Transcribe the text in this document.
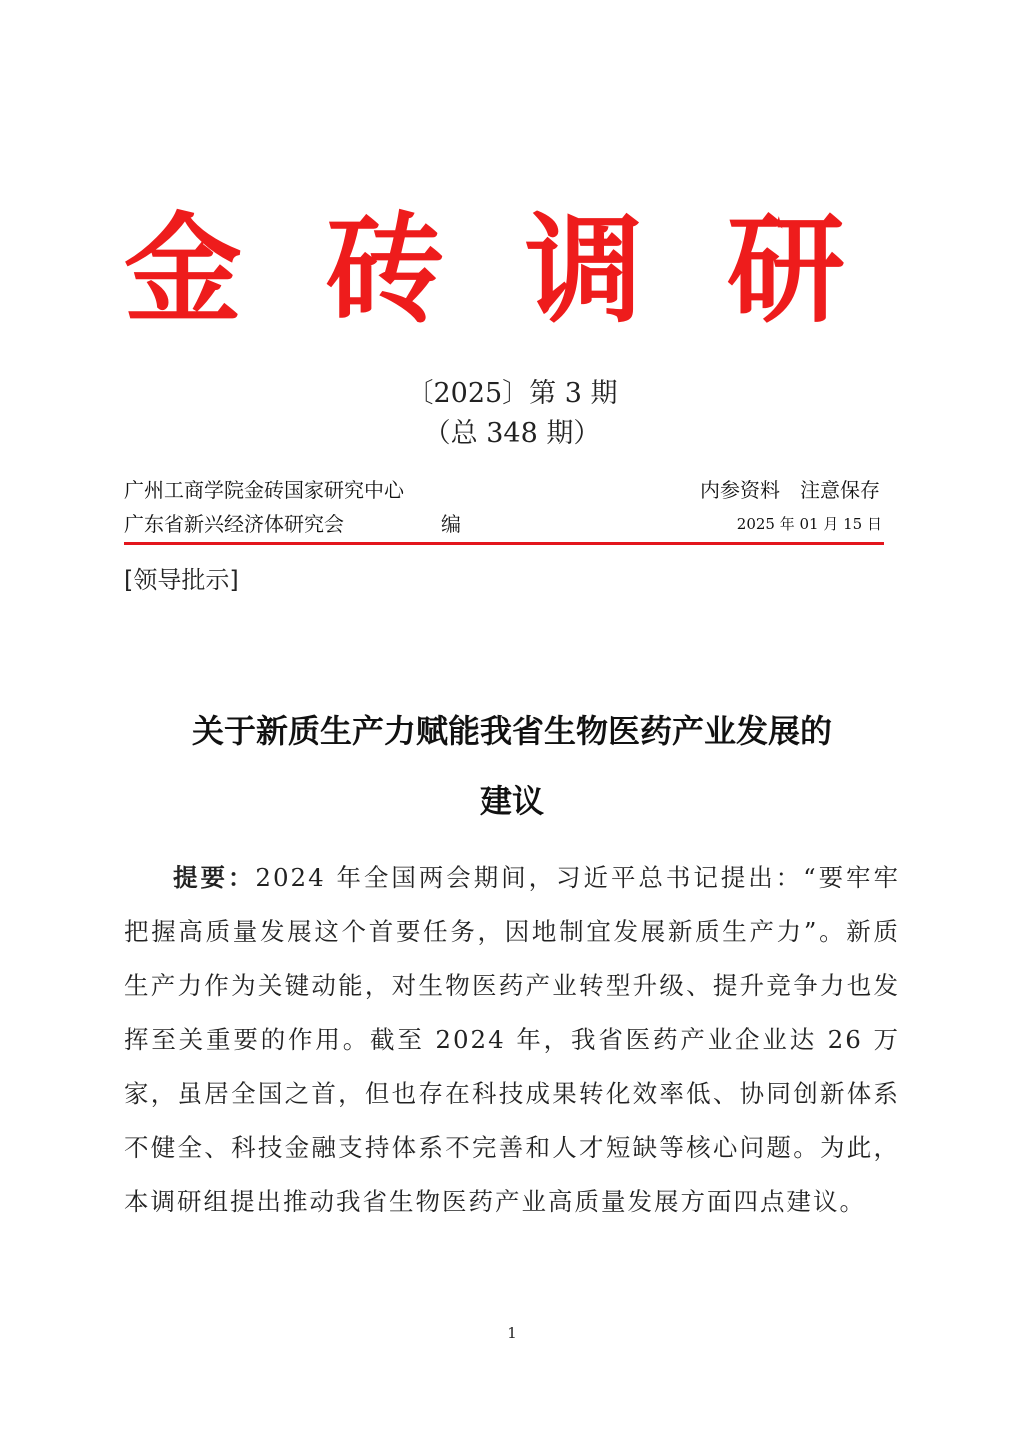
金 砖 调 研
〔2025〕第 3 期
（总 348 期）
广州工商学院金砖国家研究中心
广东省新兴经济体研究会	编
内参资料　注意保存
2025 年 01 月 15 日
[领导批示]
关于新质生产力赋能我省生物医药产业发展的
建议
提要：2024 年全国两会期间，习近平总书记提出：“要牢牢把握高质量发展这个首要任务，因地制宜发展新质生产力”。新质生产力作为关键动能，对生物医药产业转型升级、提升竞争力也发挥至关重要的作用。截至 2024 年，我省医药产业企业达 26 万家，虽居全国之首，但也存在科技成果转化效率低、协同创新体系不健全、科技金融支持体系不完善和人才短缺等核心问题。为此，本调研组提出推动我省生物医药产业高质量发展方面四点建议。
1
